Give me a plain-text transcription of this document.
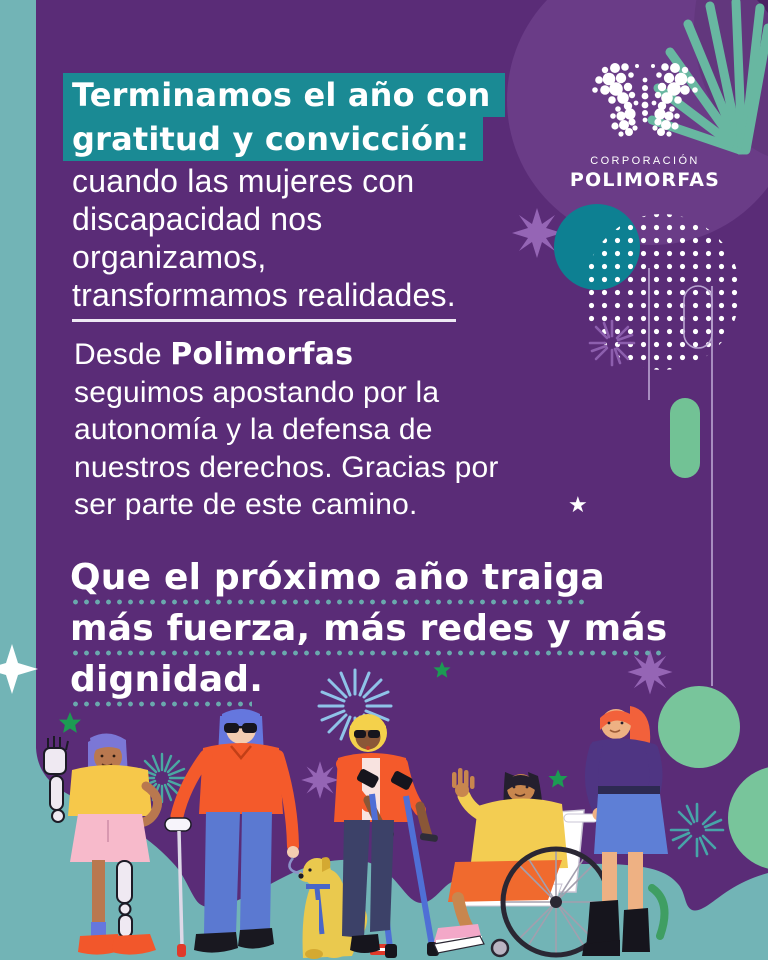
CORPORACIÓN
POLIMORFAS
Terminamos el año con
gratitud y convicción:
cuando las mujeres con
discapacidad nos
organizamos,
transformamos realidades.
Desde Polimorfas
seguimos apostando por la
autonomía y la defensa de
nuestros derechos. Gracias por
ser parte de este camino.	★
Que el próximo año traiga
más fuerza, más redes y más
dignidad.
